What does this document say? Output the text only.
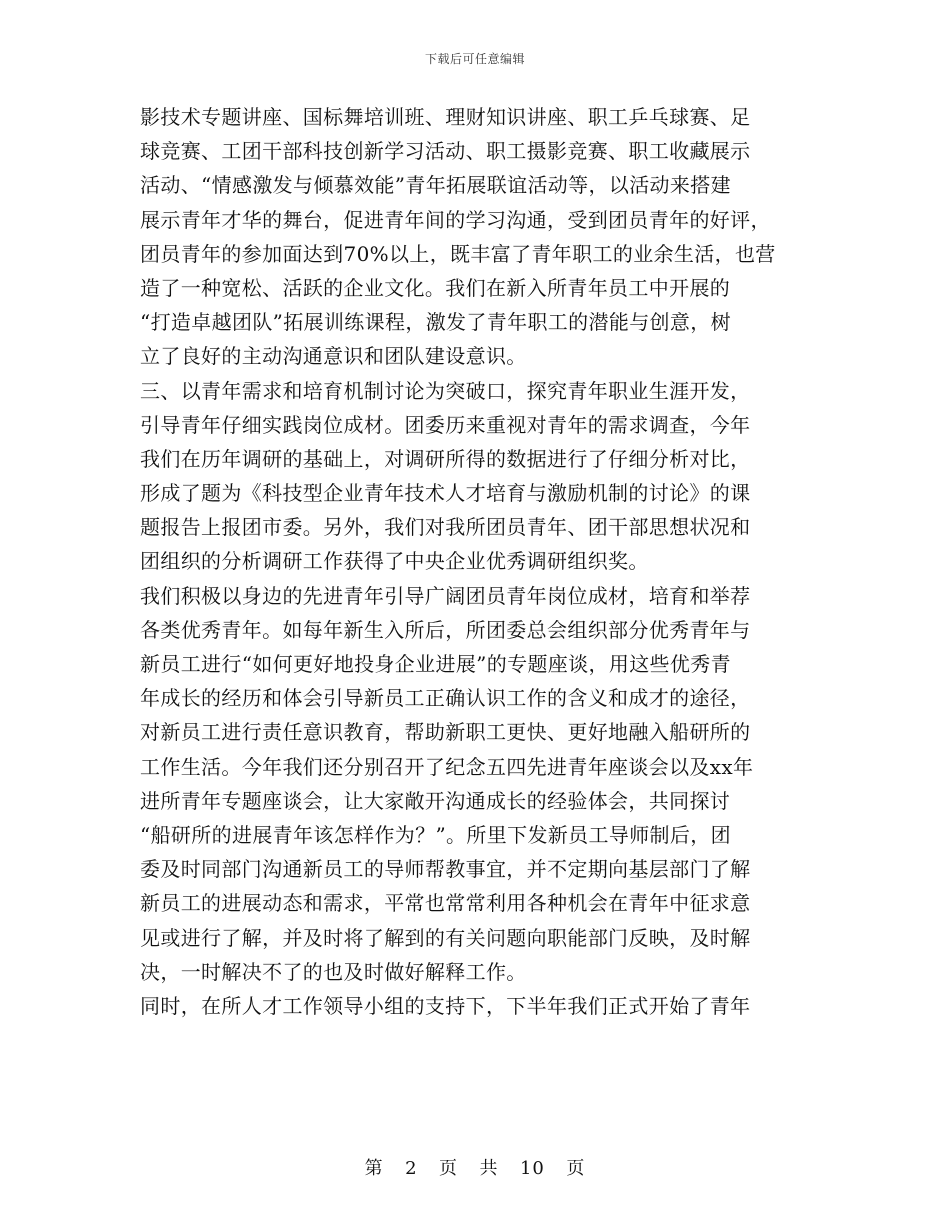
下载后可任意编辑
影技术专题讲座、国标舞培训班、理财知识讲座、职工乒乓球赛、足
球竞赛、工团干部科技创新学习活动、职工摄影竞赛、职工收藏展示
活动、“情感激发与倾慕效能”青年拓展联谊活动等，以活动来搭建
展示青年才华的舞台，促进青年间的学习沟通，受到团员青年的好评，
团员青年的参加面达到70%以上，既丰富了青年职工的业余生活，也营
造了一种宽松、活跃的企业文化。我们在新入所青年员工中开展的
“打造卓越团队”拓展训练课程，激发了青年职工的潜能与创意，树
立了良好的主动沟通意识和团队建设意识。
三、以青年需求和培育机制讨论为突破口，探究青年职业生涯开发，
引导青年仔细实践岗位成材。团委历来重视对青年的需求调查，今年
我们在历年调研的基础上，对调研所得的数据进行了仔细分析对比，
形成了题为《科技型企业青年技术人才培育与激励机制的讨论》的课
题报告上报团市委。另外，我们对我所团员青年、团干部思想状况和
团组织的分析调研工作获得了中央企业优秀调研组织奖。
我们积极以身边的先进青年引导广阔团员青年岗位成材，培育和举荐
各类优秀青年。如每年新生入所后，所团委总会组织部分优秀青年与
新员工进行“如何更好地投身企业进展”的专题座谈，用这些优秀青
年成长的经历和体会引导新员工正确认识工作的含义和成才的途径，
对新员工进行责任意识教育，帮助新职工更快、更好地融入船研所的
工作生活。今年我们还分别召开了纪念五四先进青年座谈会以及xx年
进所青年专题座谈会，让大家敞开沟通成长的经验体会，共同探讨
“船研所的进展青年该怎样作为？”。所里下发新员工导师制后，团
委及时同部门沟通新员工的导师帮教事宜，并不定期向基层部门了解
新员工的进展动态和需求，平常也常常利用各种机会在青年中征求意
见或进行了解，并及时将了解到的有关问题向职能部门反映，及时解
决，一时解决不了的也及时做好解释工作。
同时，在所人才工作领导小组的支持下，下半年我们正式开始了青年
第 2 页 共 10 页
